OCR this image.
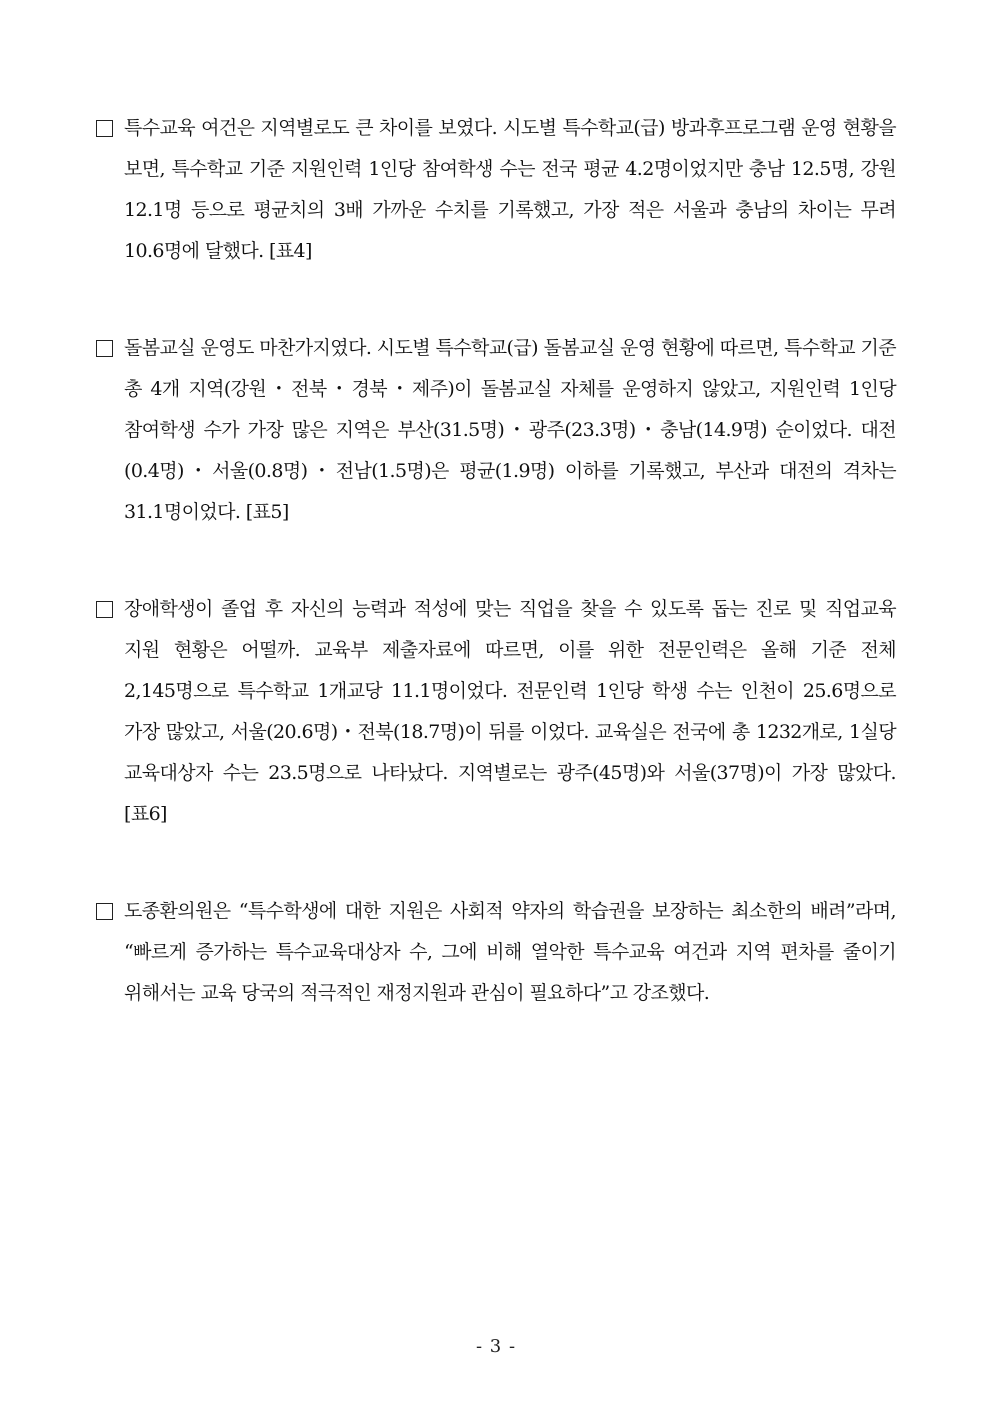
특수교육 여건은 지역별로도 큰 차이를 보였다. 시도별 특수학교(급) 방과후프로그램 운영 현황을 보면, 특수학교 기준 지원인력 1인당 참여학생 수는 전국 평균 4.2명이었지만 충남 12.5명, 강원 12.1명 등으로 평균치의 3배 가까운 수치를 기록했고, 가장 적은 서울과 충남의 차이는 무려 10.6명에 달했다. [표4]
돌봄교실 운영도 마찬가지였다. 시도별 특수학교(급) 돌봄교실 운영 현황에 따르면, 특수학교 기준 총 4개 지역(강원・전북・경북・제주)이 돌봄교실 자체를 운영하지 않았고, 지원인력 1인당 참여학생 수가 가장 많은 지역은 부산(31.5명)・광주(23.3명)・충남(14.9명) 순이었다. 대전(0.4명)・서울(0.8명)・전남(1.5명)은 평균(1.9명) 이하를 기록했고, 부산과 대전의 격차는 31.1명이었다. [표5]
장애학생이 졸업 후 자신의 능력과 적성에 맞는 직업을 찾을 수 있도록 돕는 진로 및 직업교육 지원 현황은 어떨까. 교육부 제출자료에 따르면, 이를 위한 전문인력은 올해 기준 전체 2,145명으로 특수학교 1개교당 11.1명이었다. 전문인력 1인당 학생 수는 인천이 25.6명으로 가장 많았고, 서울(20.6명)・전북(18.7명)이 뒤를 이었다. 교육실은 전국에 총 1232개로, 1실당 교육대상자 수는 23.5명으로 나타났다. 지역별로는 광주(45명)와 서울(37명)이 가장 많았다. [표6]
도종환의원은 “특수학생에 대한 지원은 사회적 약자의 학습권을 보장하는 최소한의 배려”라며, “빠르게 증가하는 특수교육대상자 수, 그에 비해 열악한 특수교육 여건과 지역 편차를 줄이기 위해서는 교육 당국의 적극적인 재정지원과 관심이 필요하다”고 강조했다.
- 3 -
